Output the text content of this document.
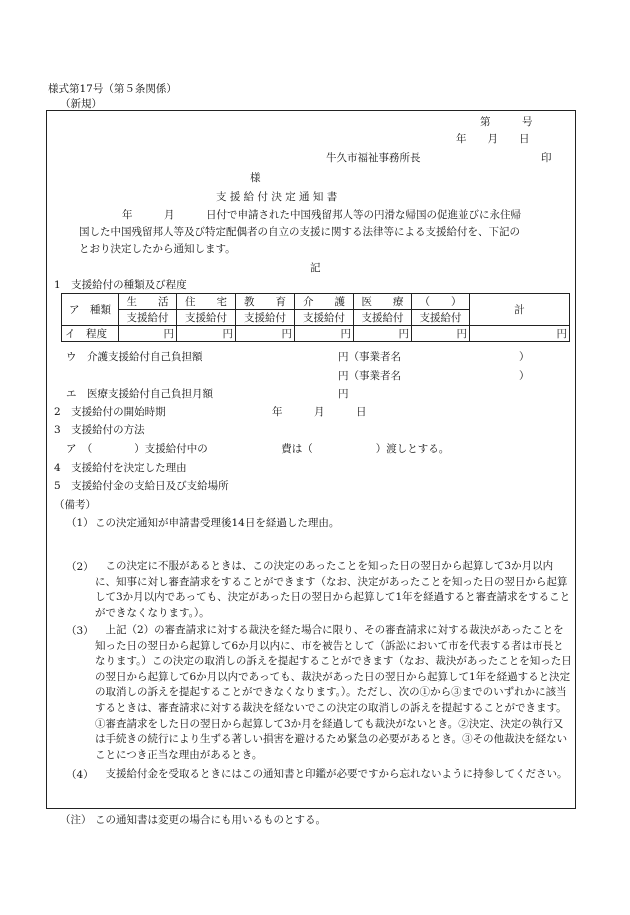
様式第17号（第５条関係）
（新規）
第　　　号
年　　月　　日
牛久市福祉事務所長	印
様
支 援 給 付 決 定 通 知 書
年　　　月　　　日付で申請された中国残留邦人等の円滑な帰国の促進並びに永住帰
国した中国残留邦人等及び特定配偶者の自立の支援に関する法律等による支援給付を、下記の
とおり決定したから通知します。
記
1　支援給付の種類及び程度
ア　種類	生　　活	住　　宅	教　　育	介　　護	医　　療	（　　）	計
	支援給付	支援給付	支援給付	支援給付	支援給付	支援給付	
イ　程度	円	円	円	円	円	円	円
ウ　介護支援給付自己負担額	円（事業者名	）
円（事業者名	）
エ　医療支援給付自己負担月額	円
2　支援給付の開始時期	年　　　月　　　日
3　支援給付の方法
ア　（　　　　）支援給付中の　　　　　　　費は（　　　　　　）渡しとする。
4　支援給付を決定した理由
5　支援給付金の支給日及び支給場所
（備考）
（1） この決定通知が申請書受理後14日を経過した理由。
（2） 　この決定に不服があるときは、この決定のあったことを知った日の翌日から起算して3か月以内に、知事に対し審査請求をすることができます（なお、決定があったことを知った日の翌日から起算して3か月以内であっても、決定があった日の翌日から起算して1年を経過すると審査請求をすることができなくなります。）。
（3） 　上記（2）の審査請求に対する裁決を経た場合に限り、その審査請求に対する裁決があったことを知った日の翌日から起算して6か月以内に、市を被告として（訴訟において市を代表する者は市長となります。）この決定の取消しの訴えを提起することができます（なお、裁決があったことを知った日の翌日から起算して6か月以内であっても、裁決があった日の翌日から起算して1年を経過すると決定の取消しの訴えを提起することができなくなります。）。ただし、次の①から③までのいずれかに該当するときは、審査請求に対する裁決を経ないでこの決定の取消しの訴えを提起することができます。①審査請求をした日の翌日から起算して3か月を経過しても裁決がないとき。②決定、決定の執行又は手続きの続行により生ずる著しい損害を避けるため緊急の必要があるとき。③その他裁決を経ないことにつき正当な理由があるとき。
（4） 　支援給付金を受取るときにはこの通知書と印鑑が必要ですから忘れないように持参してください。
（注） この通知書は変更の場合にも用いるものとする。
